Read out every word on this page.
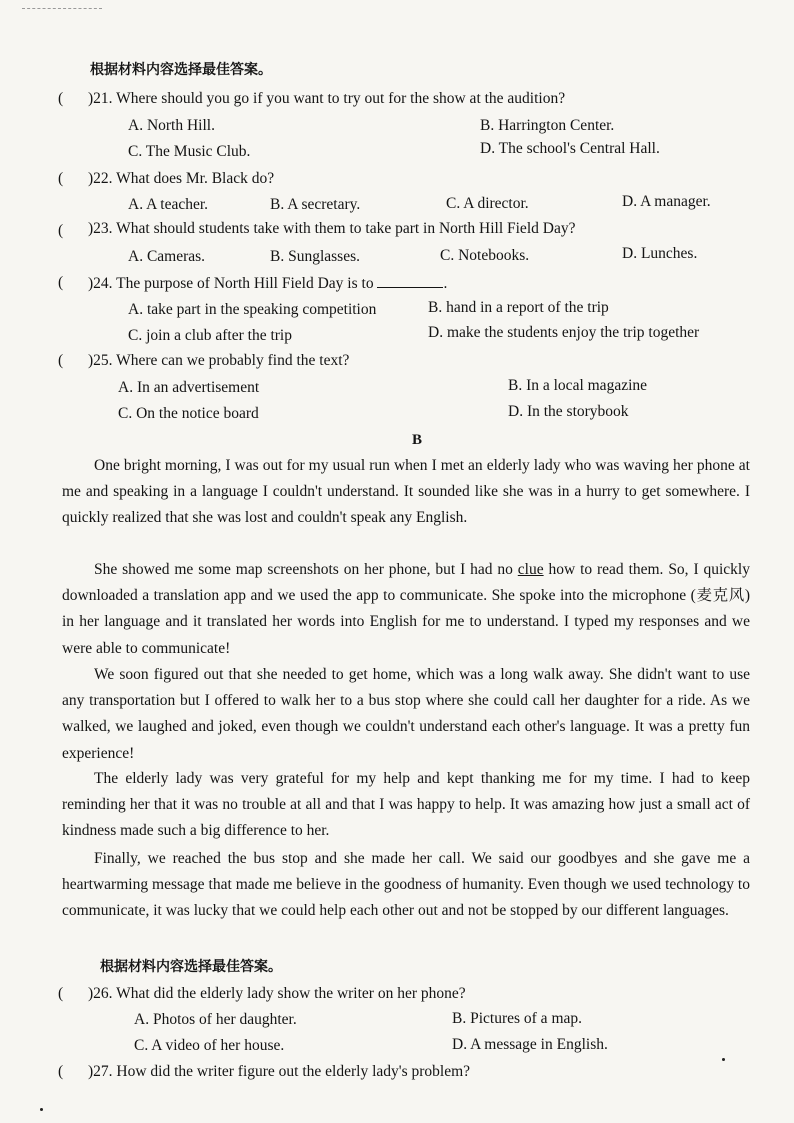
根据材料内容选择最佳答案。
( )21. Where should you go if you want to try out for the show at the audition?
A. North Hill.	B. Harrington Center.
C. The Music Club.	D. The school's Central Hall.
( )22. What does Mr. Black do?
A. A teacher.	B. A secretary.	C. A director.	D. A manager.
( )23. What should students take with them to take part in North Hill Field Day?
A. Cameras.	B. Sunglasses.	C. Notebooks.	D. Lunches.
( )24. The purpose of North Hill Field Day is to	.
A. take part in the speaking competition	B. hand in a report of the trip
C. join a club after the trip	D. make the students enjoy the trip together
( )25. Where can we probably find the text?
A. In an advertisement	B. In a local magazine
C. On the notice board	D. In the storybook
B
One bright morning, I was out for my usual run when I met an elderly lady who was waving her phone at me and speaking in a language I couldn't understand. It sounded like she was in a hurry to get somewhere. I quickly realized that she was lost and couldn't speak any English.
She showed me some map screenshots on her phone, but I had no clue how to read them. So, I quickly downloaded a translation app and we used the app to communicate. She spoke into the microphone (麦克风) in her language and it translated her words into English for me to understand. I typed my responses and we were able to communicate!
We soon figured out that she needed to get home, which was a long walk away. She didn't want to use any transportation but I offered to walk her to a bus stop where she could call her daughter for a ride. As we walked, we laughed and joked, even though we couldn't understand each other's language. It was a pretty fun experience!
The elderly lady was very grateful for my help and kept thanking me for my time. I had to keep reminding her that it was no trouble at all and that I was happy to help. It was amazing how just a small act of kindness made such a big difference to her.
Finally, we reached the bus stop and she made her call. We said our goodbyes and she gave me a heartwarming message that made me believe in the goodness of humanity. Even though we used technology to communicate, it was lucky that we could help each other out and not be stopped by our different languages.
根据材料内容选择最佳答案。
( )26. What did the elderly lady show the writer on her phone?
A. Photos of her daughter.	B. Pictures of a map.
C. A video of her house.	D. A message in English.
( )27. How did the writer figure out the elderly lady's problem?
